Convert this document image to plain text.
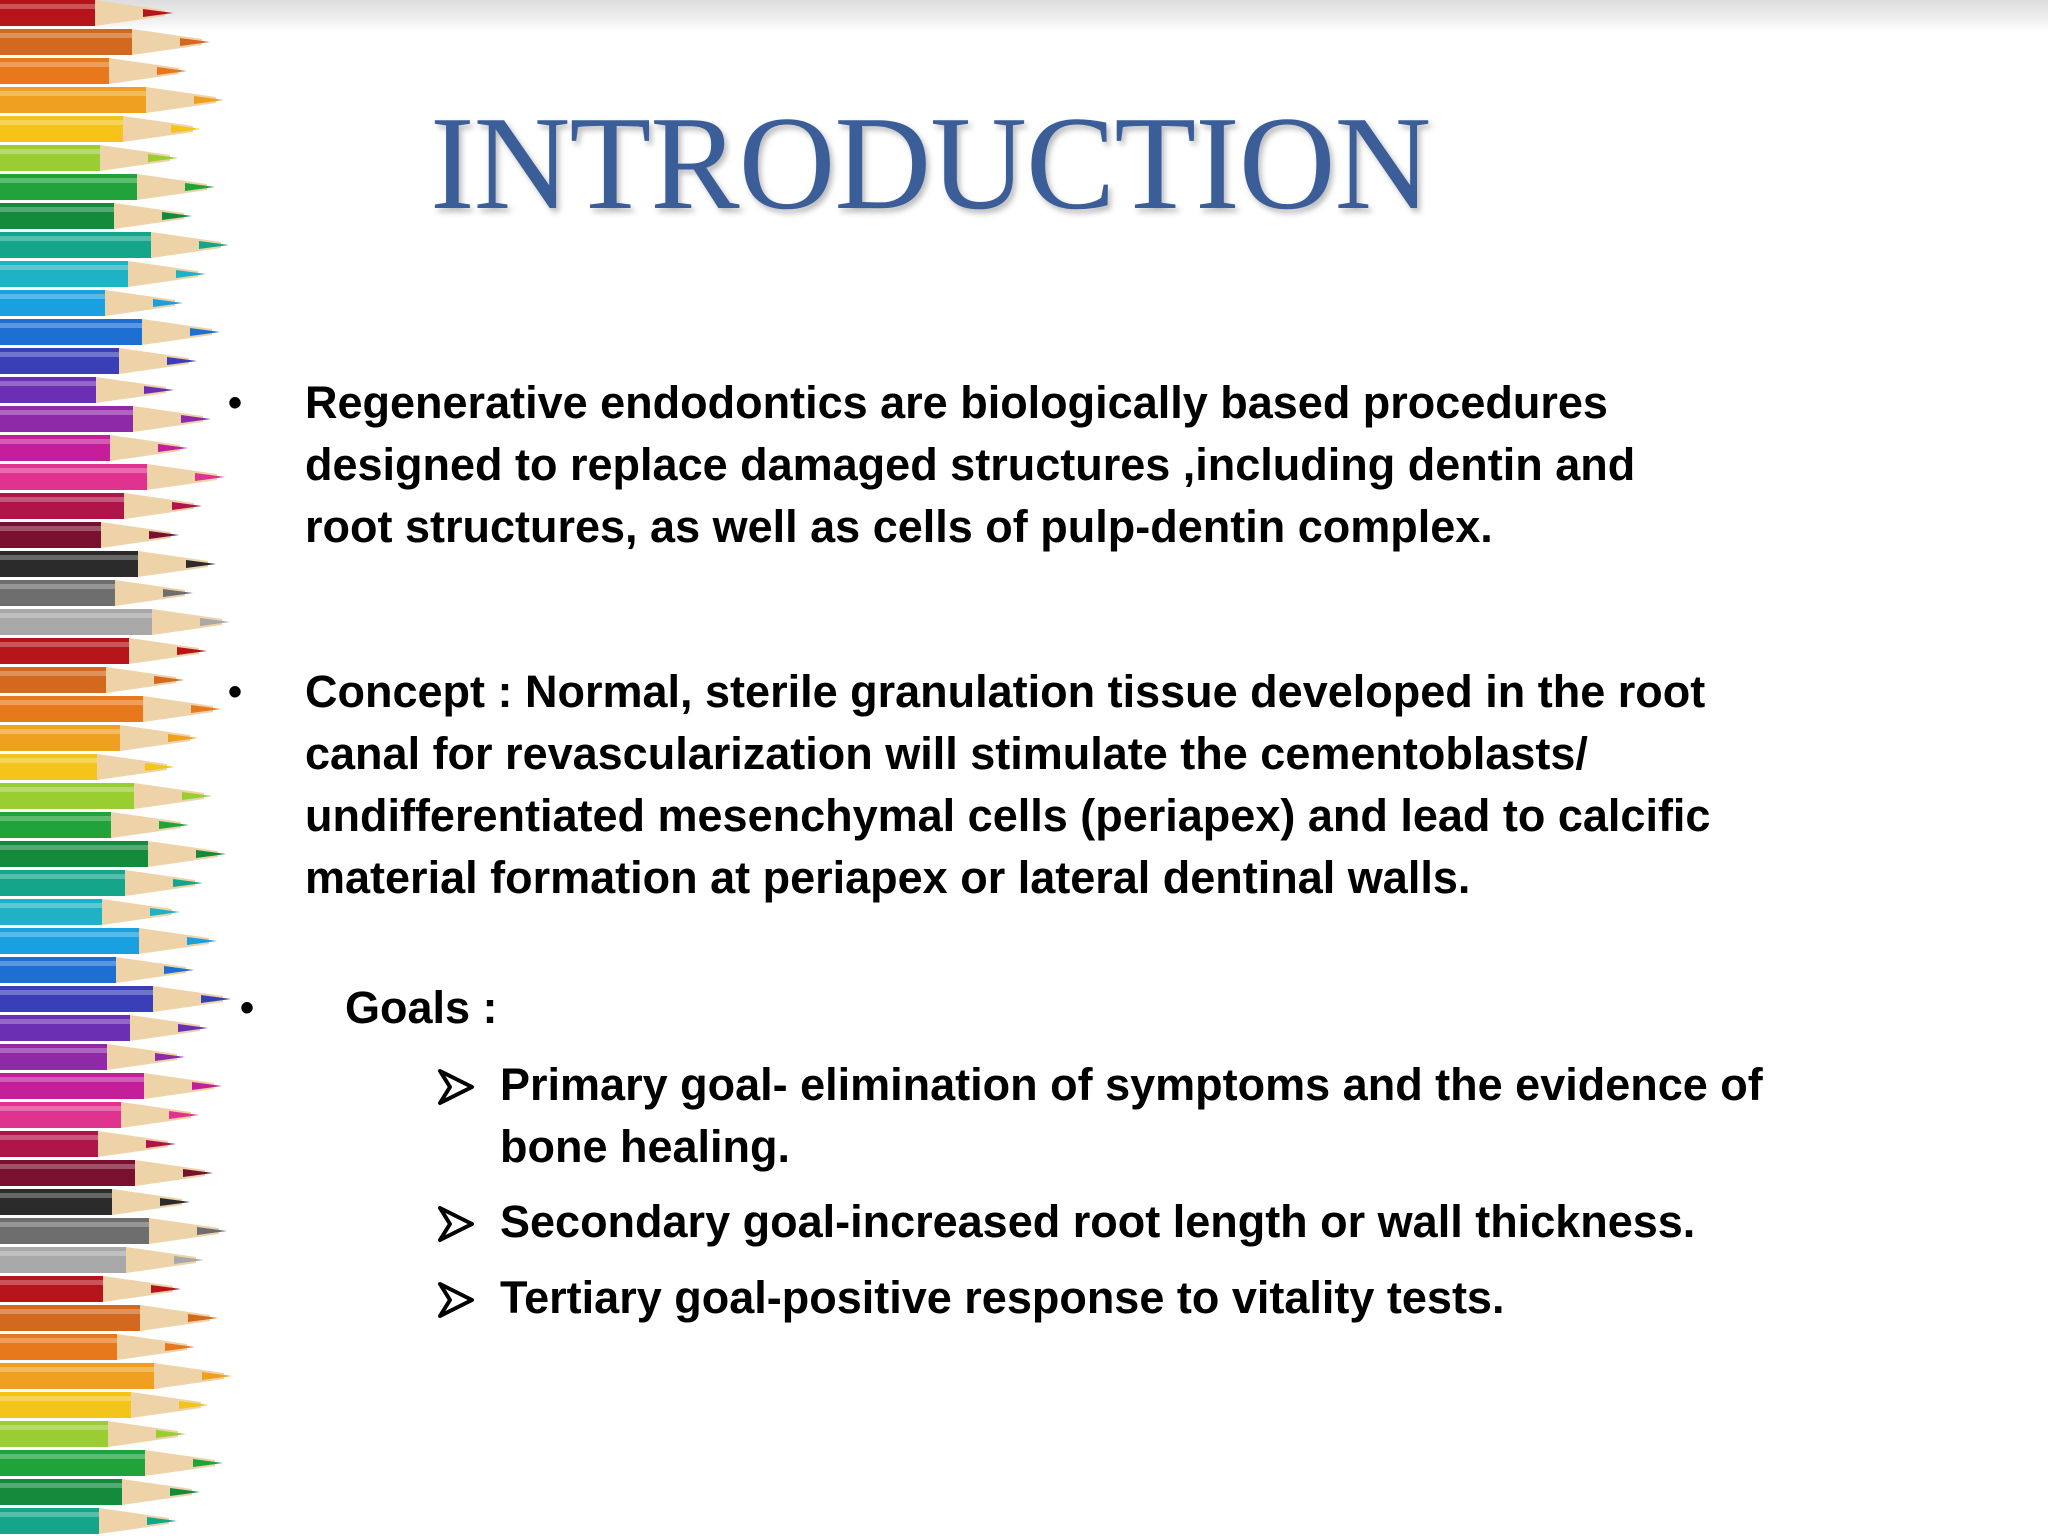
INTRODUCTION
• Regenerative endodontics are biologically based procedures
designed to replace damaged structures ,including dentin and
root structures, as well as cells of pulp-dentin complex.
• Concept : Normal, sterile granulation tissue developed in the root
canal for revascularization will stimulate the cementoblasts/
undifferentiated mesenchymal cells (periapex) and lead to calcific
material formation at periapex or lateral dentinal walls.
• Goals :
Primary goal- elimination of symptoms and the evidence of
bone healing.
Secondary goal-increased root length or wall thickness.
Tertiary goal-positive response to vitality tests.
